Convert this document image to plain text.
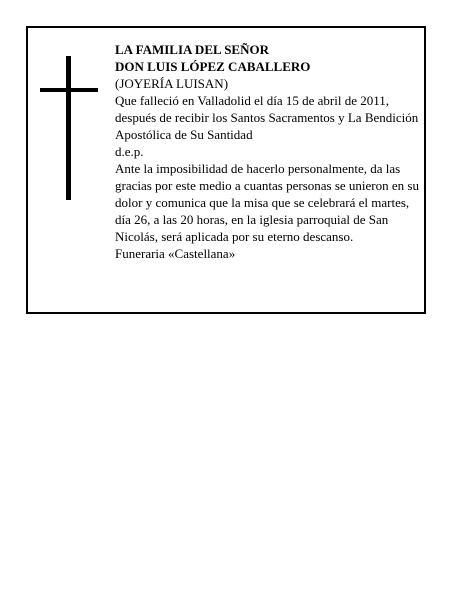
LA FAMILIA DEL SEÑOR

DON LUIS LÓPEZ CABALLERO

(JOYERÍA LUISAN)

Que falleció en Valladolid el día 15 de abril de 2011, después de recibir los Santos Sacramentos y La Bendición Apostólica de Su Santidad

d.e.p.

Ante la imposibilidad de hacerlo personalmente, da las gracias por este medio a cuantas personas se unieron en su dolor y comunica que la misa que se celebrará el martes, día 26, a las 20 horas, en la iglesia parroquial de San Nicolás, será aplicada por su eterno descanso.

Funeraria «Castellana»
